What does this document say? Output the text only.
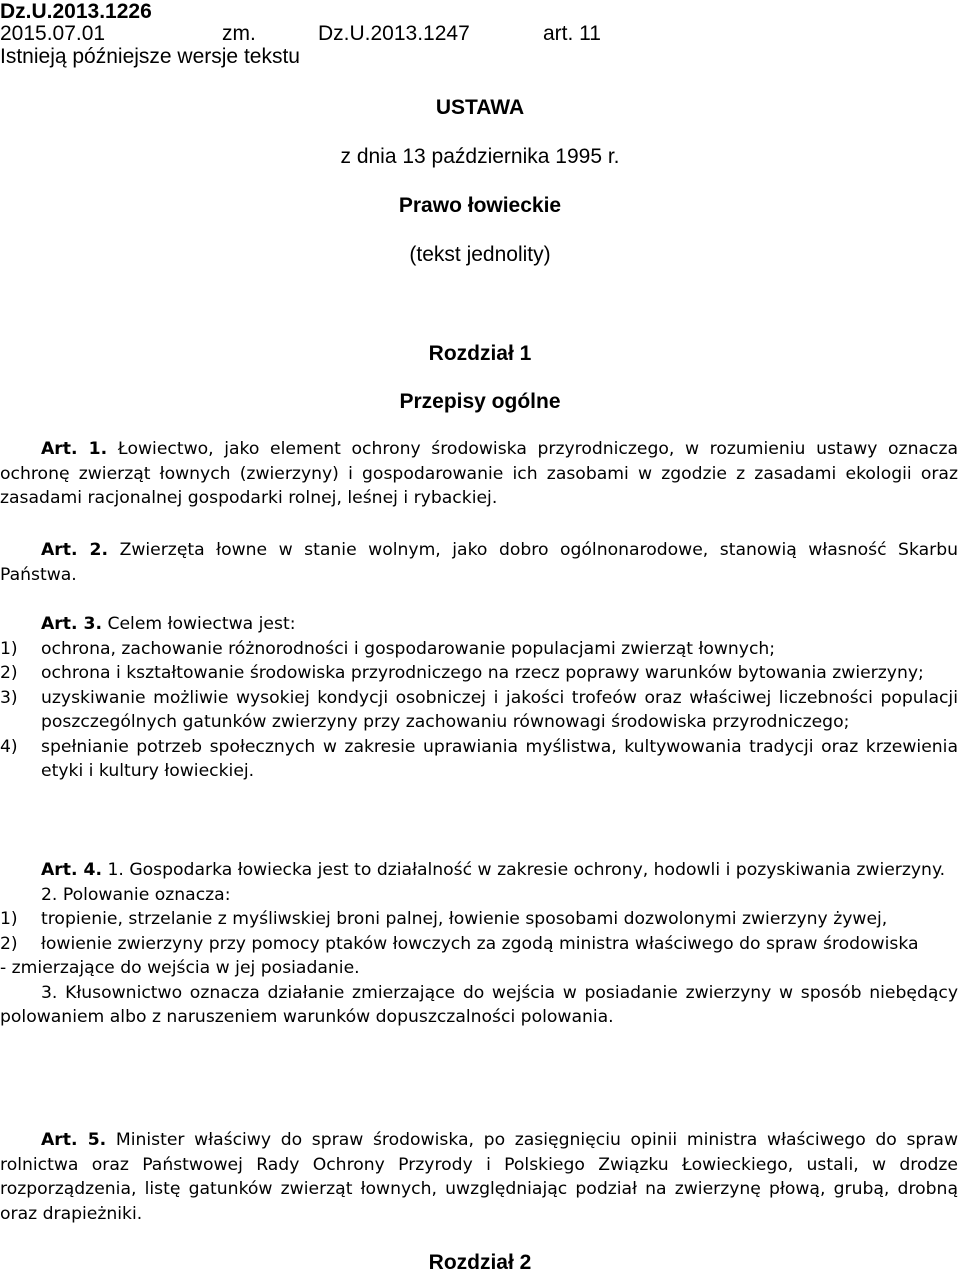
Dz.U.2013.1226
2015.07.01	zm.	Dz.U.2013.1247	art. 11
Istnieją późniejsze wersje tekstu
USTAWA
z dnia 13 października 1995 r.
Prawo łowieckie
(tekst jednolity)
Rozdział 1
Przepisy ogólne

Art. 1. Łowiectwo, jako element ochrony środowiska przyrodniczego, w rozumieniu ustawy oznacza ochronę zwierząt łownych (zwierzyny) i gospodarowanie ich zasobami w zgodzie z zasadami ekologii oraz zasadami racjonalnej gospodarki rolnej, leśnej i rybackiej.

Art. 2. Zwierzęta łowne w stanie wolnym, jako dobro ogólnonarodowe, stanowią własność Skarbu Państwa.

Art. 3. Celem łowiectwa jest:

1) ochrona, zachowanie różnorodności i gospodarowanie populacjami zwierząt łownych;
2) ochrona i kształtowanie środowiska przyrodniczego na rzecz poprawy warunków bytowania zwierzyny;
3) uzyskiwanie możliwie wysokiej kondycji osobniczej i jakości trofeów oraz właściwej liczebności populacji poszczególnych gatunków zwierzyny przy zachowaniu równowagi środowiska przyrodniczego;
4) spełnianie potrzeb społecznych w zakresie uprawiania myślistwa, kultywowania tradycji oraz krzewienia etyki i kultury łowieckiej.

Art. 4. 1. Gospodarka łowiecka jest to działalność w zakresie ochrony, hodowli i pozyskiwania zwierzyny.

2. Polowanie oznacza:

1) tropienie, strzelanie z myśliwskiej broni palnej, łowienie sposobami dozwolonymi zwierzyny żywej,
2) łowienie zwierzyny przy pomocy ptaków łowczych za zgodą ministra właściwego do spraw środowiska

- zmierzające do wejścia w jej posiadanie.

3. Kłusownictwo oznacza działanie zmierzające do wejścia w posiadanie zwierzyny w sposób niebędący polowaniem albo z naruszeniem warunków dopuszczalności polowania.

Art. 5. Minister właściwy do spraw środowiska, po zasięgnięciu opinii ministra właściwego do spraw rolnictwa oraz Państwowej Rady Ochrony Przyrody i Polskiego Związku Łowieckiego, ustali, w drodze rozporządzenia, listę gatunków zwierząt łownych, uwzględniając podział na zwierzynę płową, grubą, drobną oraz drapieżniki.

Rozdział 2
